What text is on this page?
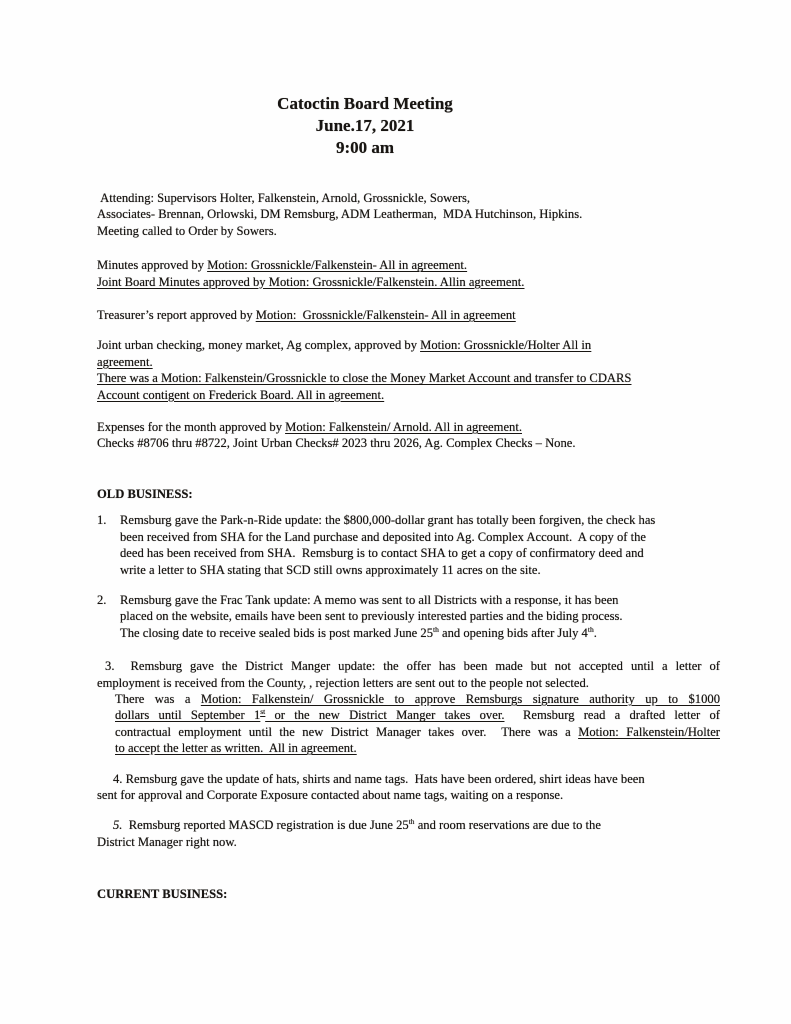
Catoctin Board Meeting
June.17, 2021
9:00 am
Attending: Supervisors Holter, Falkenstein, Arnold, Grossnickle, Sowers,
Associates- Brennan, Orlowski, DM Remsburg, ADM Leatherman,  MDA Hutchinson, Hipkins.
Meeting called to Order by Sowers.
Minutes approved by Motion: Grossnickle/Falkenstein- All in agreement.
Joint Board Minutes approved by Motion: Grossnickle/Falkenstein. Allin agreement.
Treasurer’s report approved by Motion:  Grossnickle/Falkenstein- All in agreement
Joint urban checking, money market, Ag complex, approved by Motion: Grossnickle/Holter All in
agreement.
There was a Motion: Falkenstein/Grossnickle to close the Money Market Account and transfer to CDARS
Account contigent on Frederick Board. All in agreement.
Expenses for the month approved by Motion: Falkenstein/ Arnold. All in agreement.
Checks #8706 thru #8722, Joint Urban Checks# 2023 thru 2026, Ag. Complex Checks – None.
OLD BUSINESS:
1.	Remsburg gave the Park-n-Ride update: the $800,000-dollar grant has totally been forgiven, the check has
been received from SHA for the Land purchase and deposited into Ag. Complex Account.  A copy of the
deed has been received from SHA.  Remsburg is to contact SHA to get a copy of confirmatory deed and
write a letter to SHA stating that SCD still owns approximately 11 acres on the site.
2.	Remsburg gave the Frac Tank update: A memo was sent to all Districts with a response, it has been
placed on the website, emails have been sent to previously interested parties and the biding process.
The closing date to receive sealed bids is post marked June 25th and opening bids after July 4th.
3.  Remsburg gave the District Manger update: the offer has been made but not accepted until a letter of
employment is received from the County, , rejection letters are sent out to the people not selected.
There was a Motion: Falkenstein/ Grossnickle to approve Remsburgs signature authority up to $1000
dollars until September 1st or the new District Manger takes over.  Remsburg read a drafted letter of
contractual employment until the new District Manager takes over.  There was a Motion: Falkenstein/Holter
to accept the letter as written.  All in agreement.
4. Remsburg gave the update of hats, shirts and name tags.  Hats have been ordered, shirt ideas have been
sent for approval and Corporate Exposure contacted about name tags, waiting on a response.
5.  Remsburg reported MASCD registration is due June 25th and room reservations are due to the
District Manager right now.
CURRENT BUSINESS:
